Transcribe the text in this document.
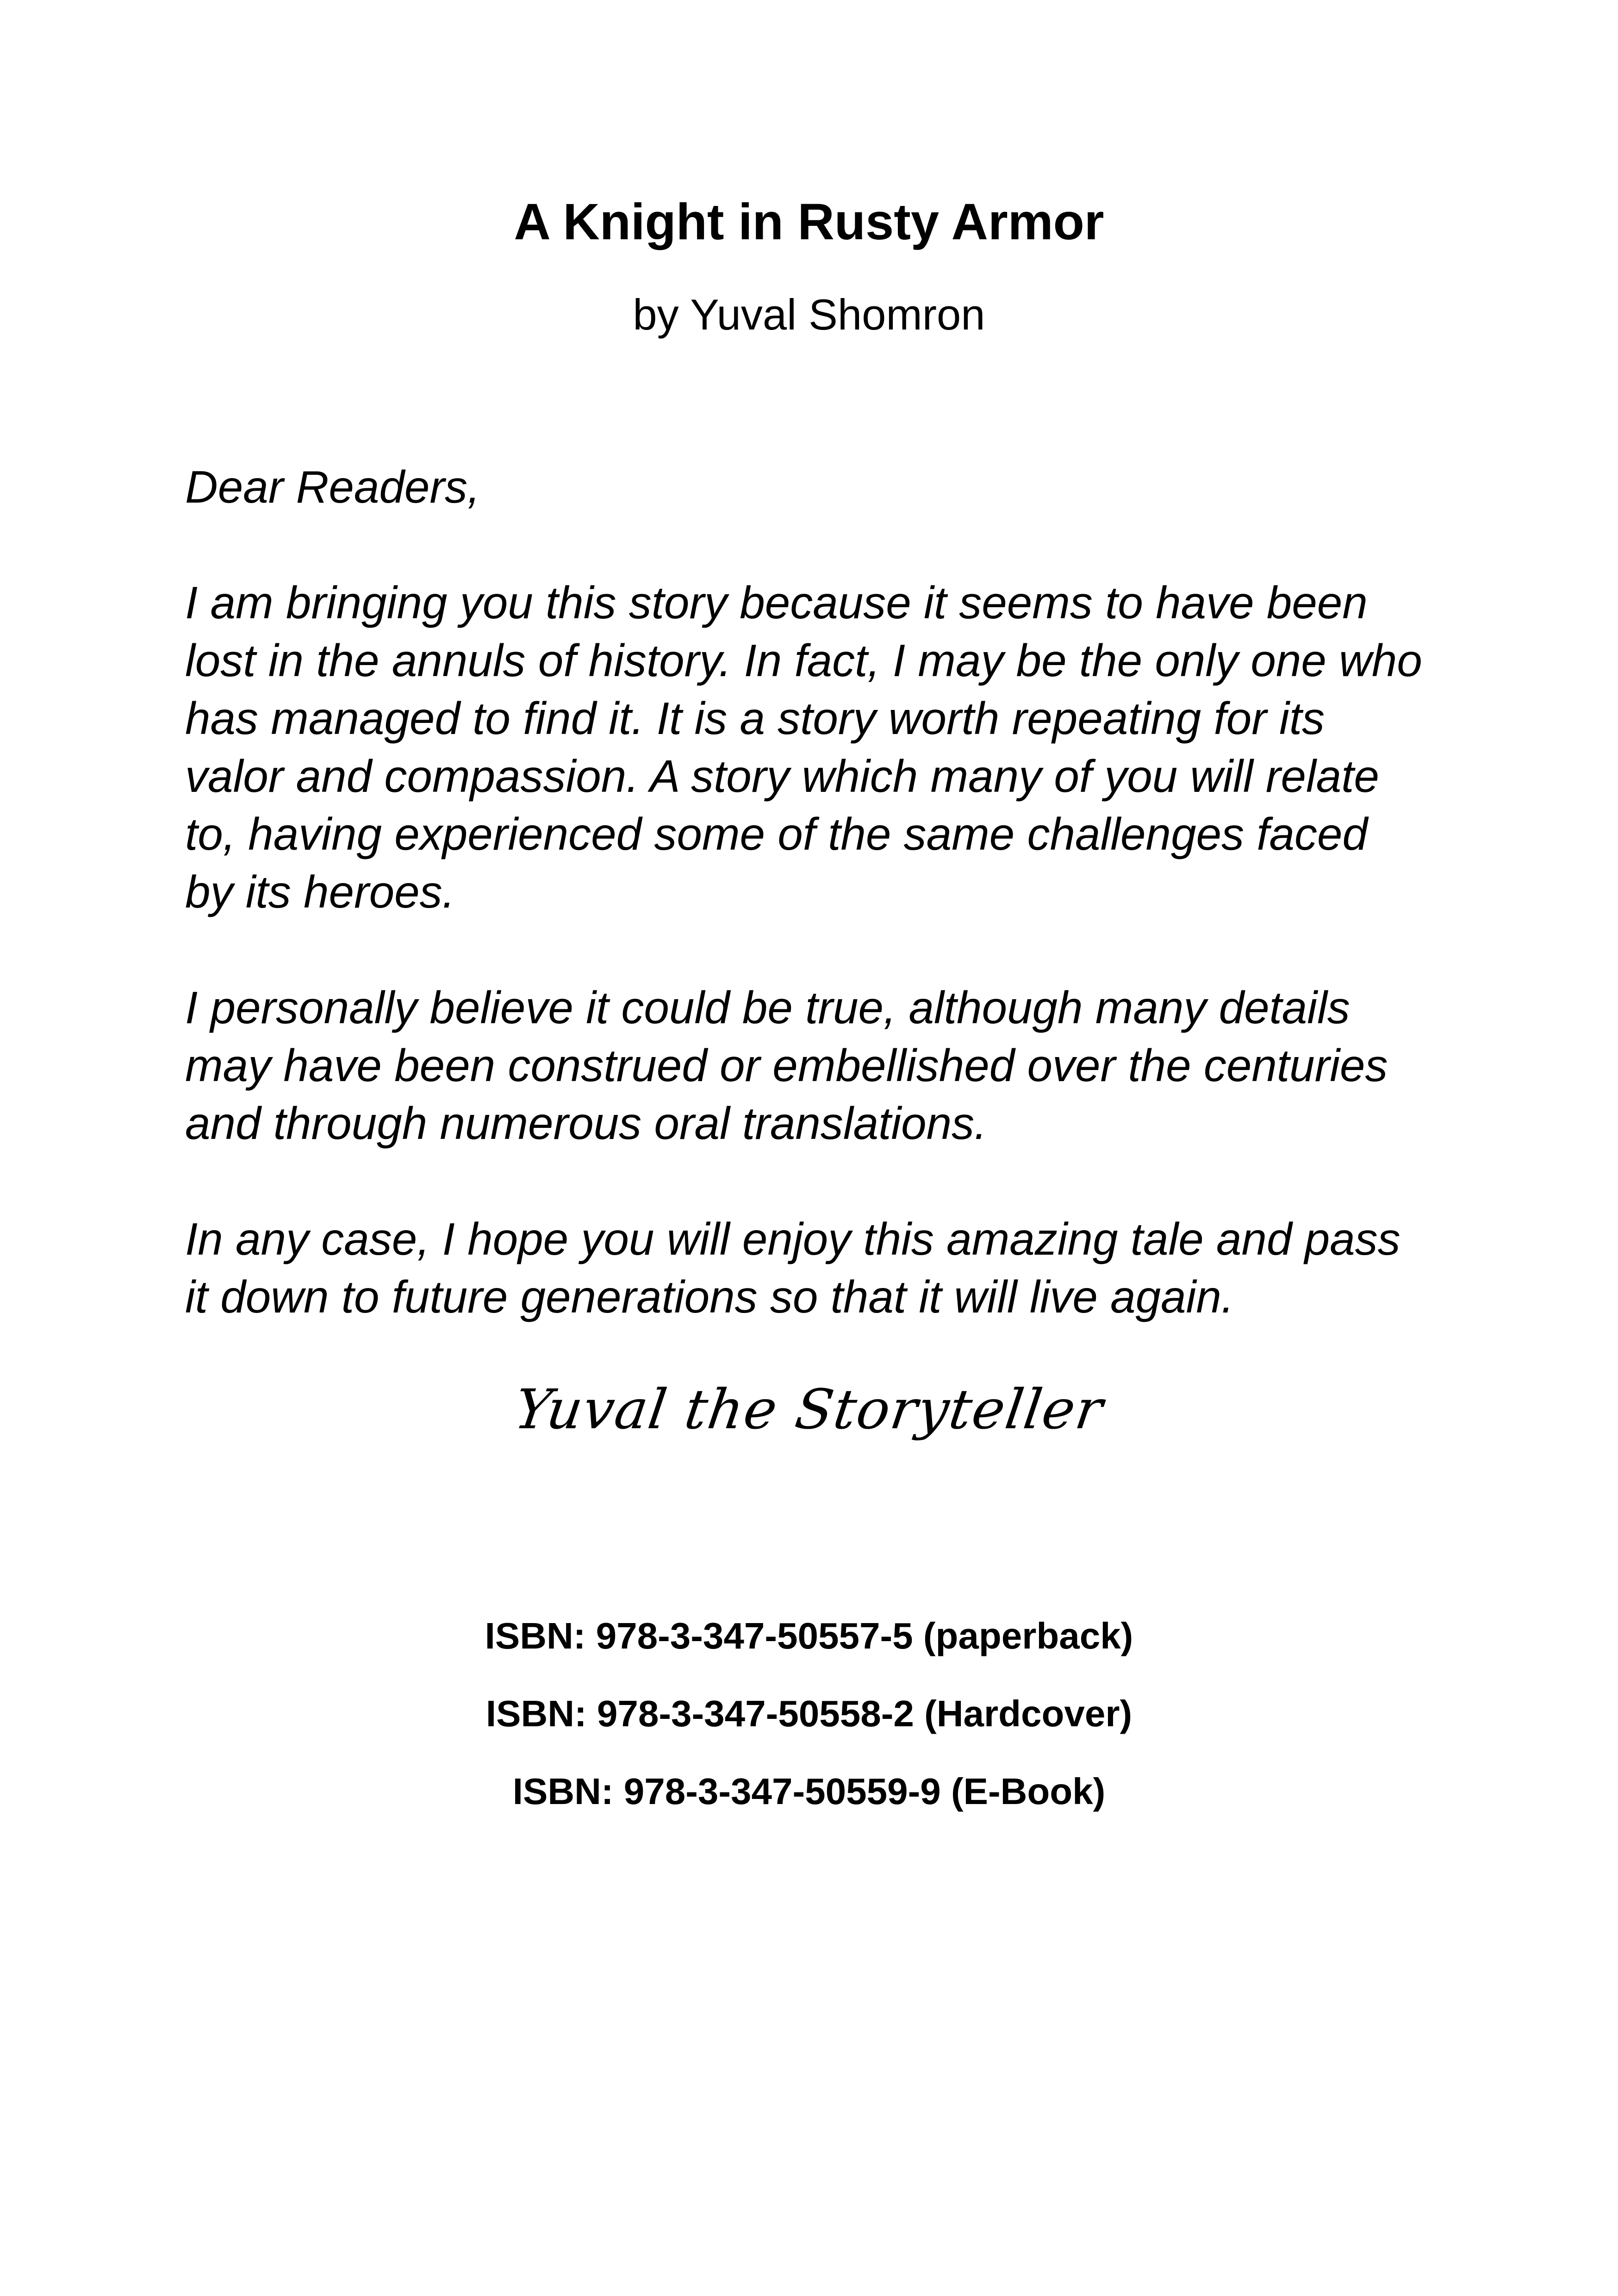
A Knight in Rusty Armor
by Yuval Shomron

Dear Readers,

I am bringing you this story because it seems to have been
lost in the annuls of history. In fact, I may be the only one who
has managed to find it. It is a story worth repeating for its
valor and compassion. A story which many of you will relate
to, having experienced some of the same challenges faced
by its heroes.

I personally believe it could be true, although many details
may have been construed or embellished over the centuries
and through numerous oral translations.

In any case, I hope you will enjoy this amazing tale and pass
it down to future generations so that it will live again.

Yuval the Storyteller
ISBN: 978-3-347-50557-5 (paperback)
ISBN: 978-3-347-50558-2 (Hardcover)
ISBN: 978-3-347-50559-9 (E-Book)
